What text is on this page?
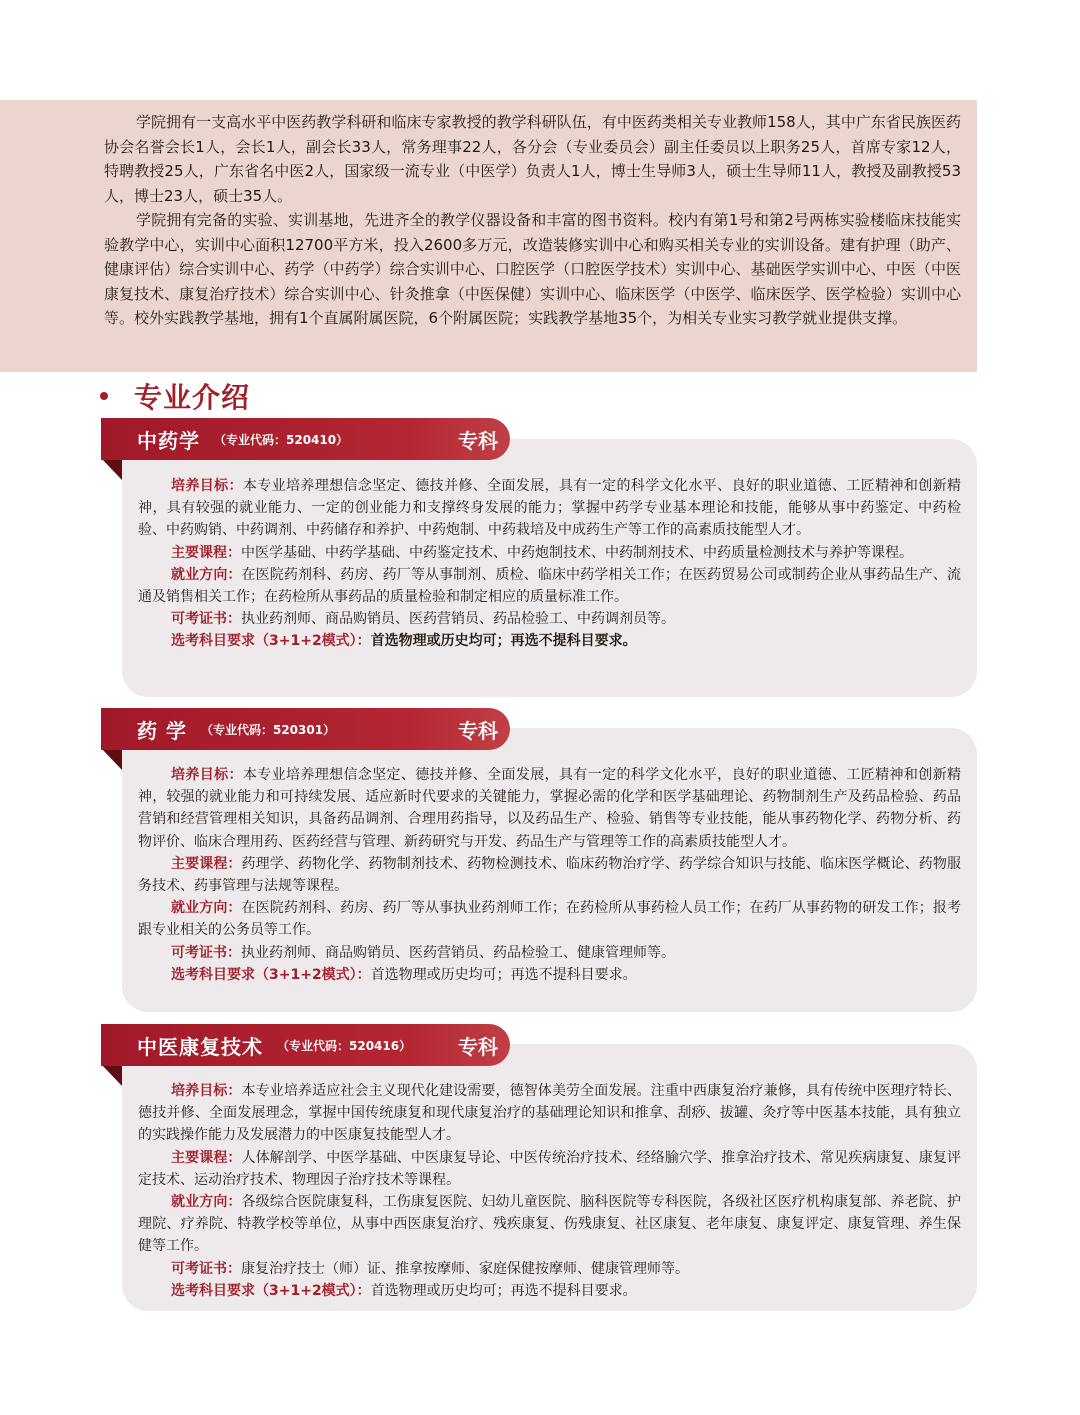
学院拥有一支高水平中医药教学科研和临床专家教授的教学科研队伍，有中医药类相关专业教师158人，其中广东省民族医药协会名誉会长1人，会长1人，副会长33人，常务理事22人，各分会（专业委员会）副主任委员以上职务25人，首席专家12人，特聘教授25人，广东省名中医2人，国家级一流专业（中医学）负责人1人，博士生导师3人，硕士生导师11人，教授及副教授53人，博士23人，硕士35人。

学院拥有完备的实验、实训基地，先进齐全的教学仪器设备和丰富的图书资料。校内有第1号和第2号两栋实验楼临床技能实验教学中心，实训中心面积12700平方米，投入2600多万元，改造装修实训中心和购买相关专业的实训设备。建有护理（助产、健康评估）综合实训中心、药学（中药学）综合实训中心、口腔医学（口腔医学技术）实训中心、基础医学实训中心、中医（中医康复技术、康复治疗技术）综合实训中心、针灸推拿（中医保健）实训中心、临床医学（中医学、临床医学、医学检验）实训中心等。校外实践教学基地，拥有1个直属附属医院，6个附属医院；实践教学基地35个，为相关专业实习教学就业提供支撑。

专业介绍

培养目标：本专业培养理想信念坚定、德技并修、全面发展，具有一定的科学文化水平、良好的职业道德、工匠精神和创新精神，具有较强的就业能力、一定的创业能力和支撑终身发展的能力；掌握中药学专业基本理论和技能，能够从事中药鉴定、中药检验、中药购销、中药调剂、中药储存和养护、中药炮制、中药栽培及中成药生产等工作的高素质技能型人才。

主要课程：中医学基础、中药学基础、中药鉴定技术、中药炮制技术、中药制剂技术、中药质量检测技术与养护等课程。

就业方向：在医院药剂科、药房、药厂等从事制剂、质检、临床中药学相关工作；在医药贸易公司或制药企业从事药品生产、流通及销售相关工作；在药检所从事药品的质量检验和制定相应的质量标准工作。

可考证书：执业药剂师、商品购销员、医药营销员、药品检验工、中药调剂员等。

选考科目要求（3+1+2模式）：首选物理或历史均可；再选不提科目要求。

中药学 （专业代码：520410）	专科

培养目标：本专业培养理想信念坚定、德技并修、全面发展，具有一定的科学文化水平，良好的职业道德、工匠精神和创新精神，较强的就业能力和可持续发展、适应新时代要求的关键能力，掌握必需的化学和医学基础理论、药物制剂生产及药品检验、药品营销和经营管理相关知识，具备药品调剂、合理用药指导，以及药品生产、检验、销售等专业技能，能从事药物化学、药物分析、药物评价、临床合理用药、医药经营与管理、新药研究与开发、药品生产与管理等工作的高素质技能型人才。

主要课程：药理学、药物化学、药物制剂技术、药物检测技术、临床药物治疗学、药学综合知识与技能、临床医学概论、药物服务技术、药事管理与法规等课程。

就业方向：在医院药剂科、药房、药厂等从事执业药剂师工作；在药检所从事药检人员工作；在药厂从事药物的研发工作；报考跟专业相关的公务员等工作。

可考证书：执业药剂师、商品购销员、医药营销员、药品检验工、健康管理师等。

选考科目要求（3+1+2模式）：首选物理或历史均可；再选不提科目要求。

药 学 （专业代码：520301）	专科

培养目标：本专业培养适应社会主义现代化建设需要，德智体美劳全面发展。注重中西康复治疗兼修，具有传统中医理疗特长、德技并修、全面发展理念，掌握中国传统康复和现代康复治疗的基础理论知识和推拿、刮痧、拔罐、灸疗等中医基本技能，具有独立的实践操作能力及发展潜力的中医康复技能型人才。

主要课程：人体解剖学、中医学基础、中医康复导论、中医传统治疗技术、经络腧穴学、推拿治疗技术、常见疾病康复、康复评定技术、运动治疗技术、物理因子治疗技术等课程。

就业方向：各级综合医院康复科，工伤康复医院、妇幼儿童医院、脑科医院等专科医院，各级社区医疗机构康复部、养老院、护理院、疗养院、特教学校等单位，从事中西医康复治疗、残疾康复、伤残康复、社区康复、老年康复、康复评定、康复管理、养生保健等工作。

可考证书：康复治疗技士（师）证、推拿按摩师、家庭保健按摩师、健康管理师等。

选考科目要求（3+1+2模式）：首选物理或历史均可；再选不提科目要求。

中医康复技术 （专业代码：520416） 专科
